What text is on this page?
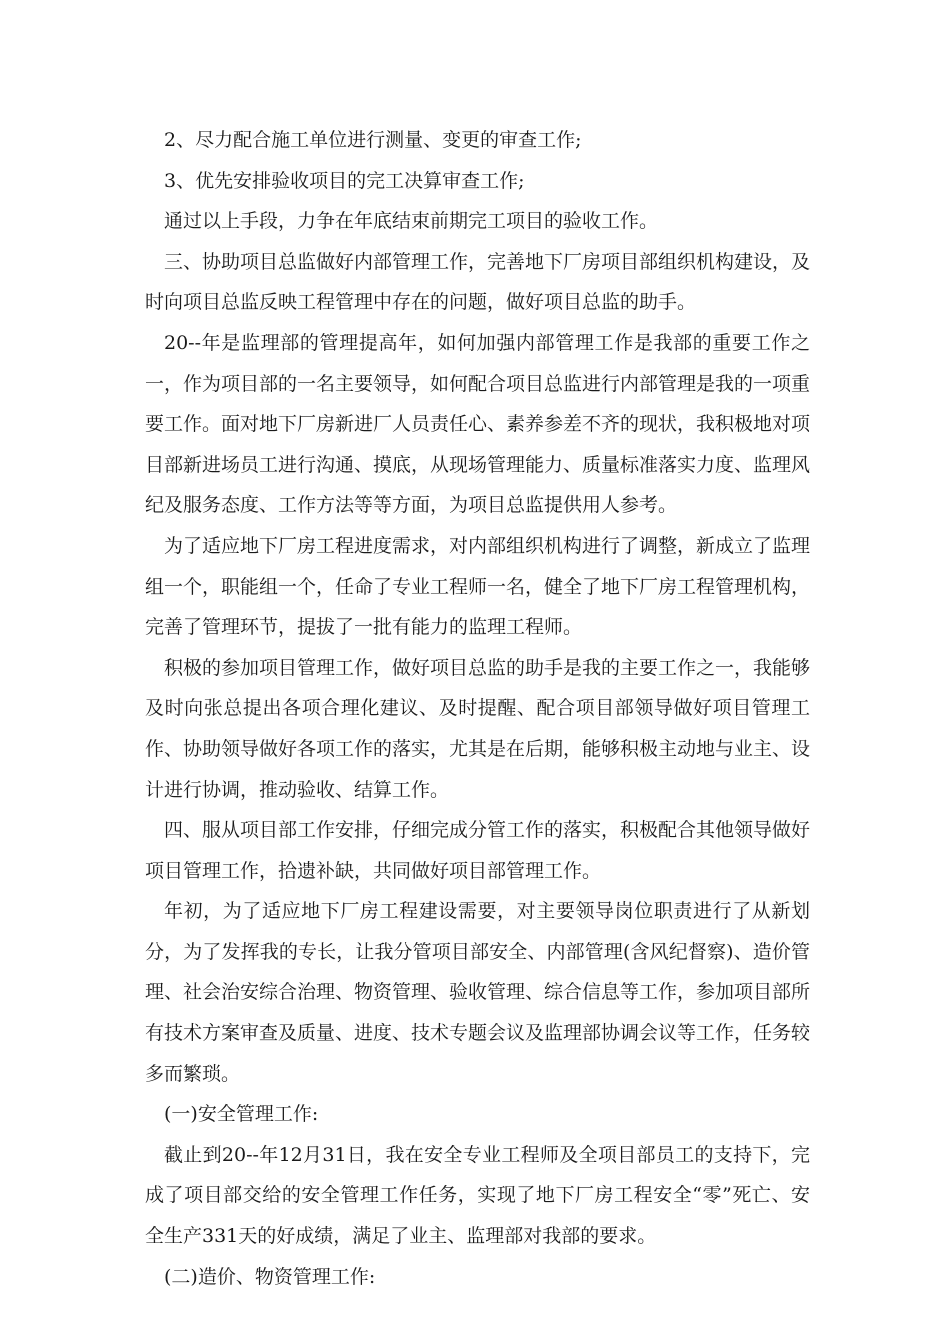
2、尽力配合施工单位进行测量、变更的审查工作;

3、优先安排验收项目的完工决算审查工作;

通过以上手段，力争在年底结束前期完工项目的验收工作。

三、协助项目总监做好内部管理工作，完善地下厂房项目部组织机构建设，及时向项目总监反映工程管理中存在的问题，做好项目总监的助手。

20--年是监理部的管理提高年，如何加强内部管理工作是我部的重要工作之一，作为项目部的一名主要领导，如何配合项目总监进行内部管理是我的一项重要工作。面对地下厂房新进厂人员责任心、素养参差不齐的现状，我积极地对项目部新进场员工进行沟通、摸底，从现场管理能力、质量标准落实力度、监理风纪及服务态度、工作方法等等方面，为项目总监提供用人参考。

为了适应地下厂房工程进度需求，对内部组织机构进行了调整，新成立了监理组一个，职能组一个，任命了专业工程师一名，健全了地下厂房工程管理机构，完善了管理环节，提拔了一批有能力的监理工程师。

积极的参加项目管理工作，做好项目总监的助手是我的主要工作之一，我能够及时向张总提出各项合理化建议、及时提醒、配合项目部领导做好项目管理工作、协助领导做好各项工作的落实，尤其是在后期，能够积极主动地与业主、设计进行协调，推动验收、结算工作。

四、服从项目部工作安排，仔细完成分管工作的落实，积极配合其他领导做好项目管理工作，拾遗补缺，共同做好项目部管理工作。

年初，为了适应地下厂房工程建设需要，对主要领导岗位职责进行了从新划分，为了发挥我的专长，让我分管项目部安全、内部管理(含风纪督察)、造价管理、社会治安综合治理、物资管理、验收管理、综合信息等工作，参加项目部所有技术方案审查及质量、进度、技术专题会议及监理部协调会议等工作，任务较多而繁琐。

(一)安全管理工作:

截止到20--年12月31日，我在安全专业工程师及全项目部员工的支持下，完成了项目部交给的安全管理工作任务，实现了地下厂房工程安全“零”死亡、安全生产331天的好成绩，满足了业主、监理部对我部的要求。

(二)造价、物资管理工作:
